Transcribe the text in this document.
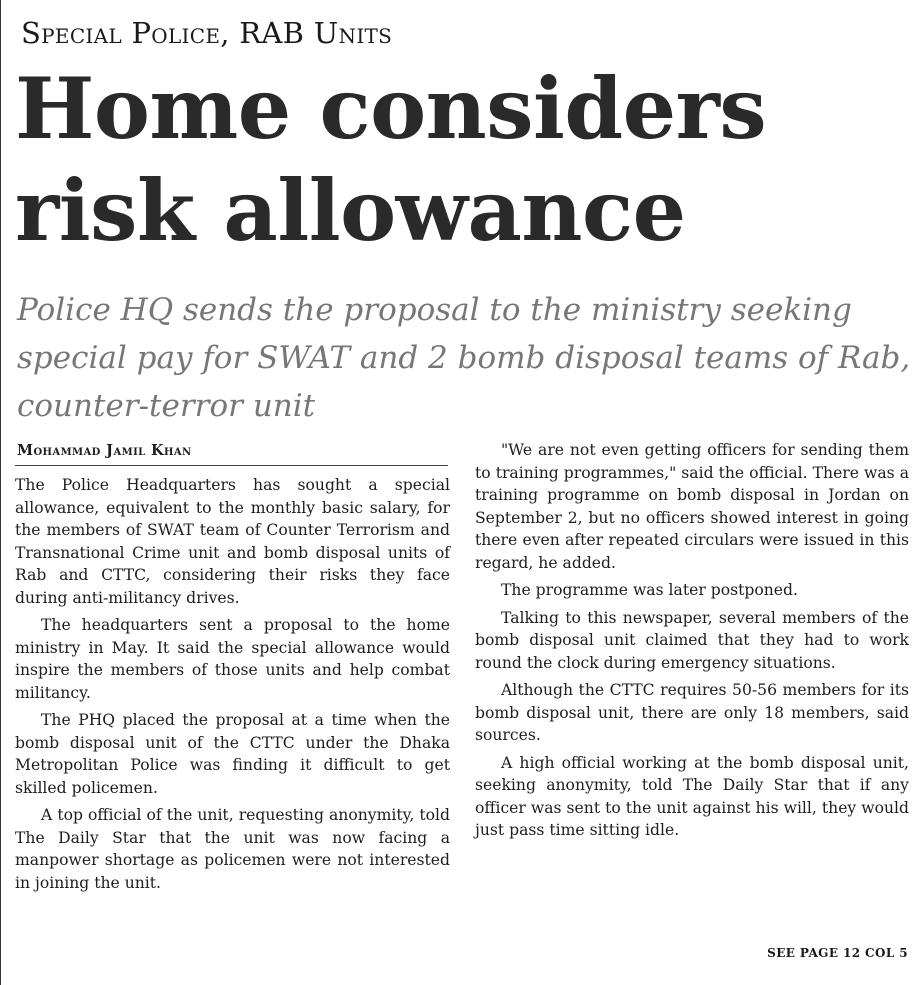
Special Police, RAB Units
Home considers
risk allowance
Police HQ sends the proposal to the ministry seeking special pay for SWAT and 2 bomb disposal teams of Rab, counter-terror unit
Mohammad Jamil Khan

The Police Headquarters has sought a special allowance, equivalent to the monthly basic salary, for the members of SWAT team of Counter Terrorism and Transnational Crime unit and bomb disposal units of Rab and CTTC, considering their risks they face during anti-militancy drives.

The headquarters sent a proposal to the home ministry in May. It said the special allowance would inspire the members of those units and help combat militancy.

The PHQ placed the proposal at a time when the bomb disposal unit of the CTTC under the Dhaka Metropolitan Police was finding it difficult to get skilled policemen.

A top official of the unit, requesting anonymity, told The Daily Star that the unit was now facing a manpower shortage as policemen were not interested in joining the unit.

"We are not even getting officers for sending them to training programmes," said the official. There was a training programme on bomb disposal in Jordan on September 2, but no officers showed interest in going there even after repeated circulars were issued in this regard, he added.

The programme was later postponed.

Talking to this newspaper, several members of the bomb disposal unit claimed that they had to work round the clock during emergency situations.

Although the CTTC requires 50-56 members for its bomb disposal unit, there are only 18 members, said sources.

A high official working at the bomb disposal unit, seeking anonymity, told The Daily Star that if any officer was sent to the unit against his will, they would just pass time sitting idle.

SEE PAGE 12 COL 5
